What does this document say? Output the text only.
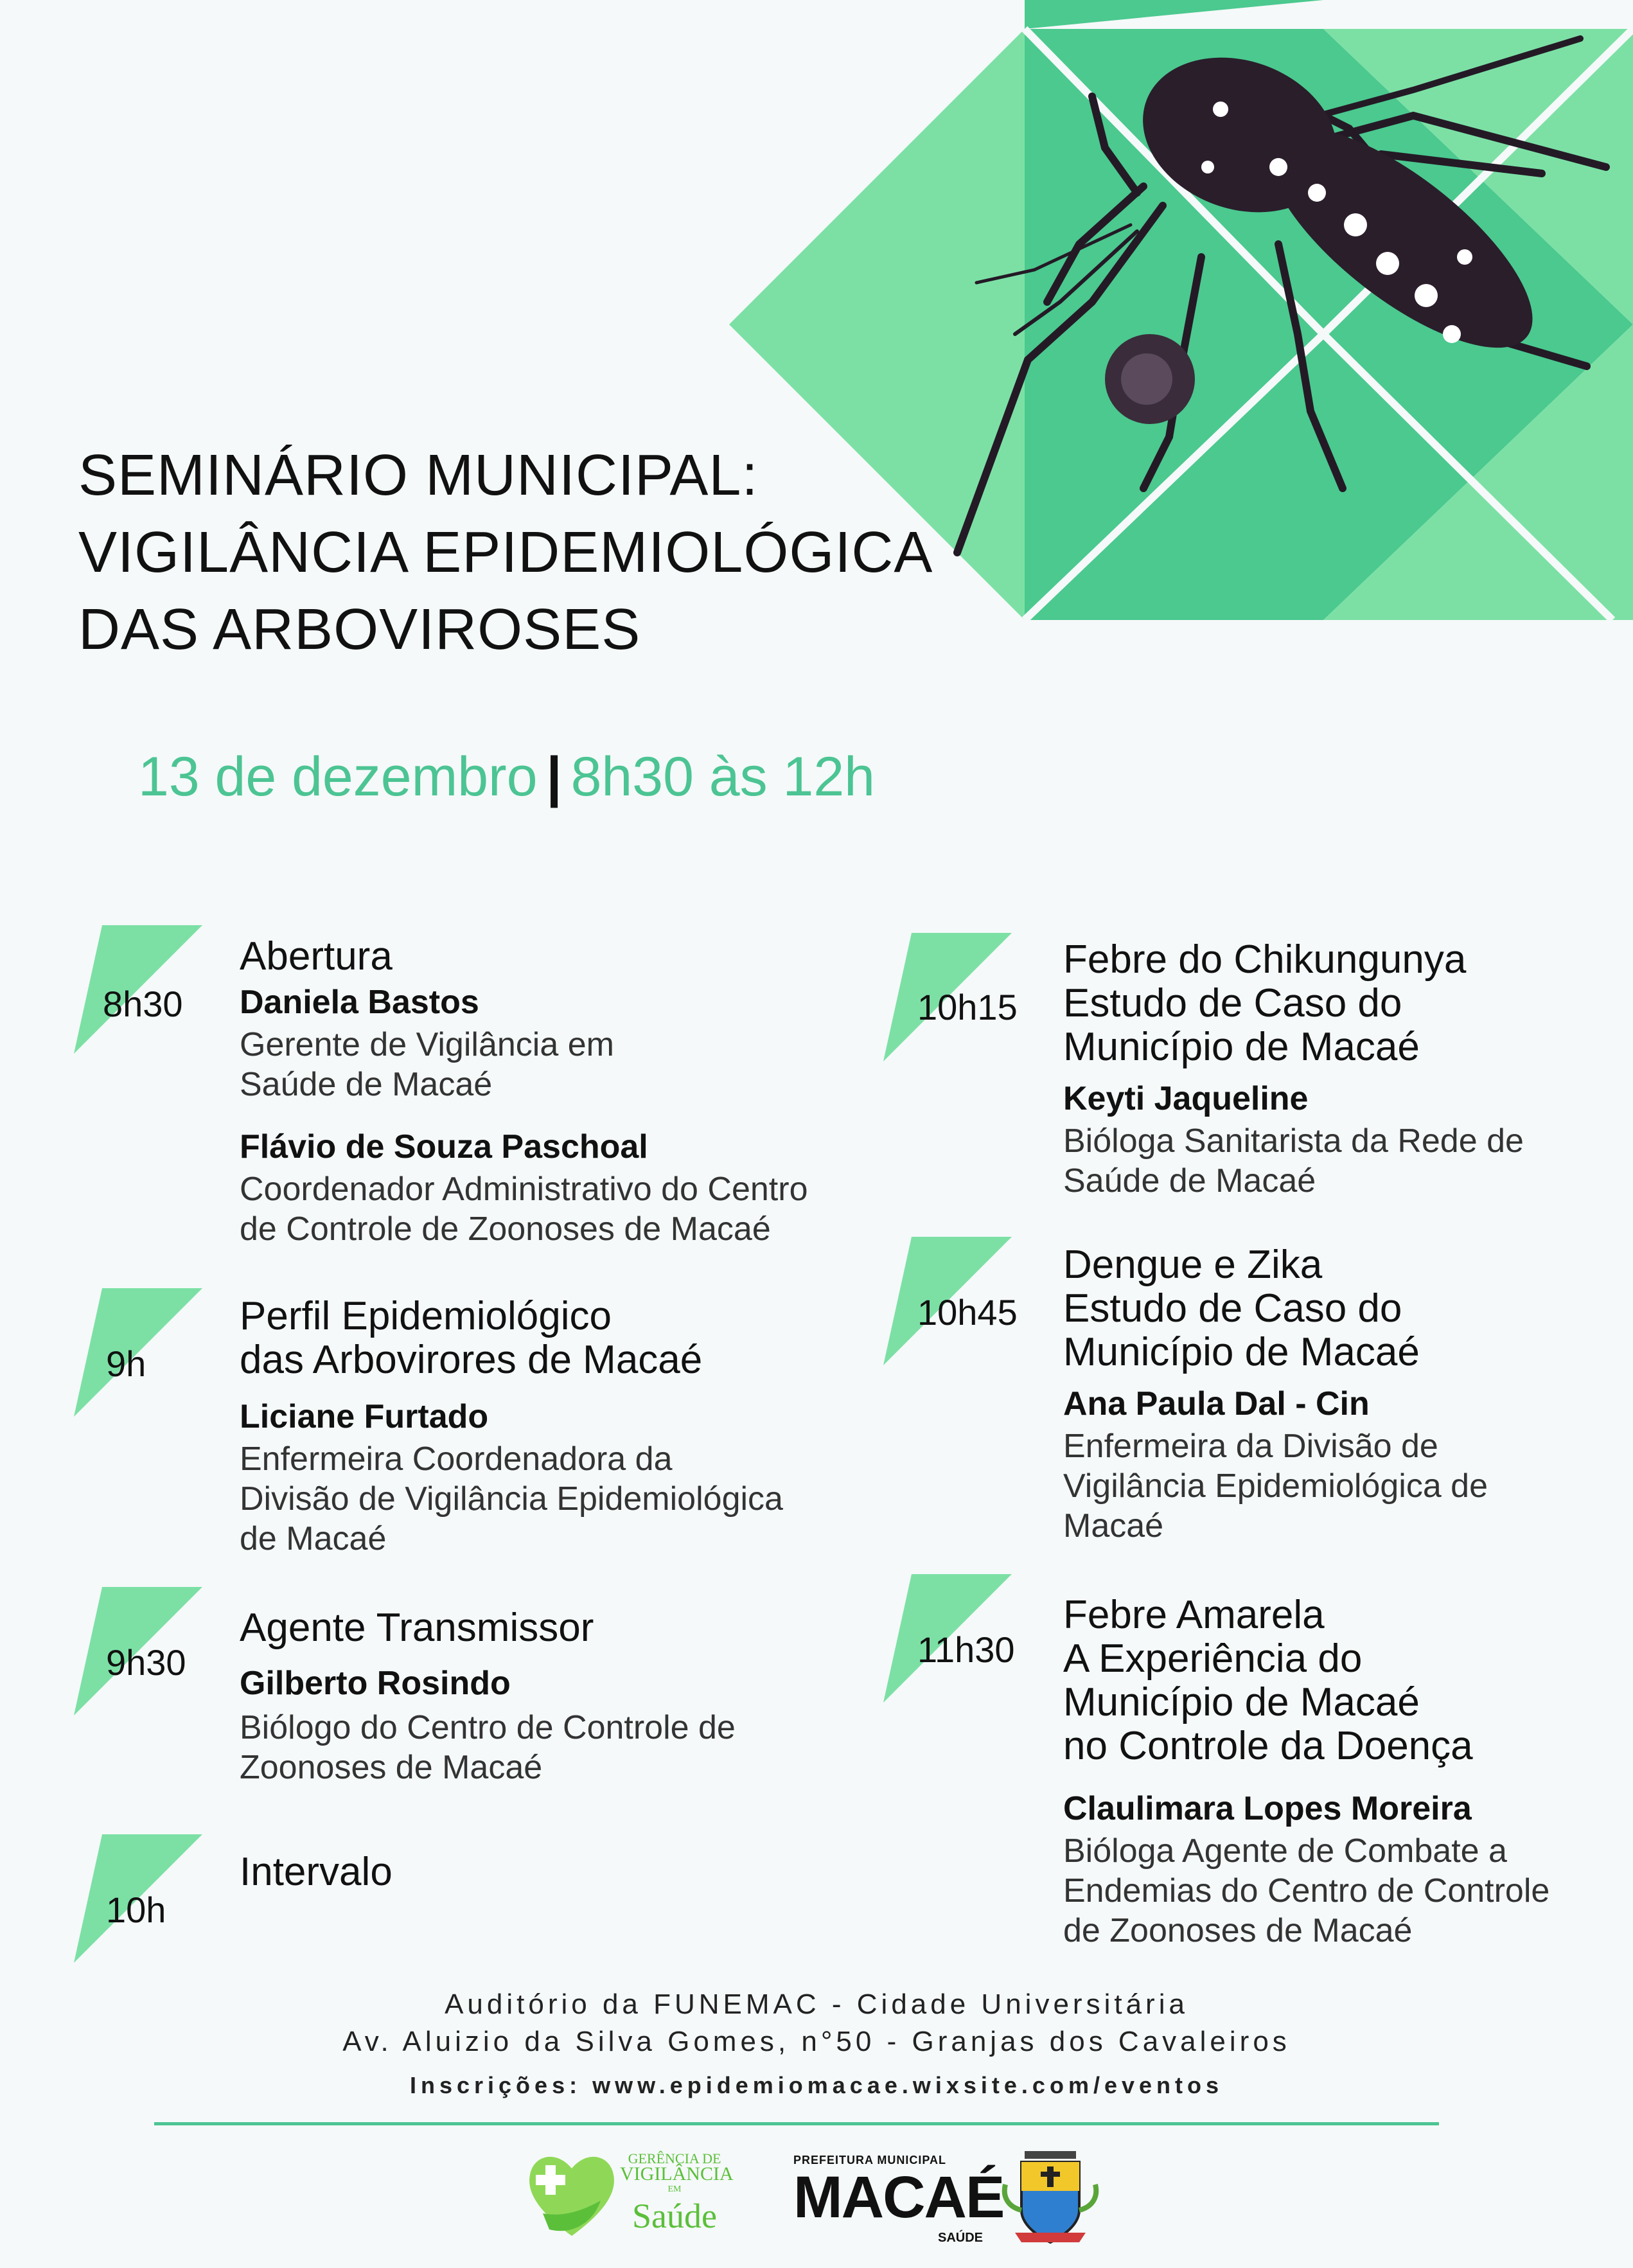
SEMINÁRIO MUNICIPAL:
VIGILÂNCIA EPIDEMIOLÓGICA
DAS ARBOVIROSES
13 de dezembro | 8h30 às 12h
8h30
Abertura
Daniela Bastos
Gerente de Vigilância em
Saúde de Macaé
Flávio de Souza Paschoal
Coordenador Administrativo do Centro
de Controle de Zoonoses de Macaé
9h
Perfil Epidemiológico
das Arbovirores de Macaé
Liciane Furtado
Enfermeira Coordenadora da
Divisão de Vigilância Epidemiológica
de Macaé
9h30
Agente Transmissor
Gilberto Rosindo
Biólogo do Centro de Controle de
Zoonoses de Macaé
10h
Intervalo
10h15
Febre do Chikungunya
Estudo de Caso do
Município de Macaé
Keyti Jaqueline
Bióloga Sanitarista da Rede de
Saúde de Macaé
10h45
Dengue e Zika
Estudo de Caso do
Município de Macaé
Ana Paula Dal - Cin
Enfermeira da Divisão de
Vigilância Epidemiológica de
Macaé
11h30
Febre Amarela
A Experiência do
Município de Macaé
no Controle da Doença
Claulimara Lopes Moreira
Bióloga Agente de Combate a
Endemias do Centro de Controle
de Zoonoses de Macaé
Auditório da FUNEMAC - Cidade Universitária
Av. Aluizio da Silva Gomes, n°50 - Granjas dos Cavaleiros
Inscrições: www.epidemiomacae.wixsite.com/eventos
GERÊNCIA DE
VIGILÂNCIA
EM
Saúde
PREFEITURA MUNICIPAL
MACAÉ
SAÚDE
